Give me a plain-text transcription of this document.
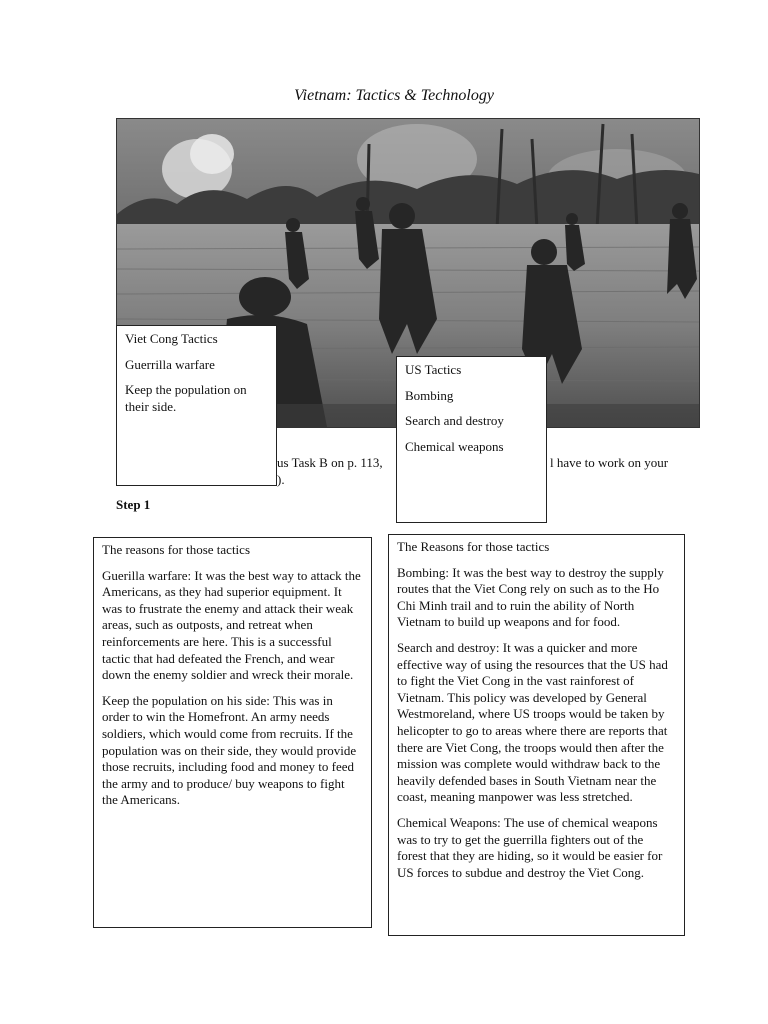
Vietnam: Tactics & Technology
us Task B on p. 113,	l have to work on your
).
Step 1

Viet Cong Tactics

Guerrilla warfare

Keep the population on their side.

US Tactics

Bombing

Search and destroy

Chemical weapons

The reasons for those tactics

Guerilla warfare: It was the best way to attack the Americans, as they had superior equipment. It was to frustrate the enemy and attack their weak areas, such as outposts, and retreat when reinforcements are here. This is a successful tactic that had defeated the French, and wear down the enemy soldier and wreck their morale.

Keep the population on his side: This was in order to win the Homefront. An army needs soldiers, which would come from recruits. If the population was on their side, they would provide those recruits, including food and money to feed the army and to produce/ buy weapons to fight the Americans.

The Reasons for those tactics

Bombing: It was the best way to destroy the supply routes that the Viet Cong rely on such as to the Ho Chi Minh trail and to ruin the ability of North Vietnam to build up weapons and for food.

Search and destroy: It was a quicker and more effective way of using the resources that the US had to fight the Viet Cong in the vast rainforest of Vietnam. This policy was developed by General Westmoreland, where US troops would be taken by helicopter to go to areas where there are reports that there are Viet Cong, the troops would then after the mission was complete would withdraw back to the heavily defended bases in South Vietnam near the coast, meaning manpower was less stretched.

Chemical Weapons: The use of chemical weapons was to try to get the guerrilla fighters out of the forest that they are hiding, so it would be easier for US forces to subdue and destroy the Viet Cong.
